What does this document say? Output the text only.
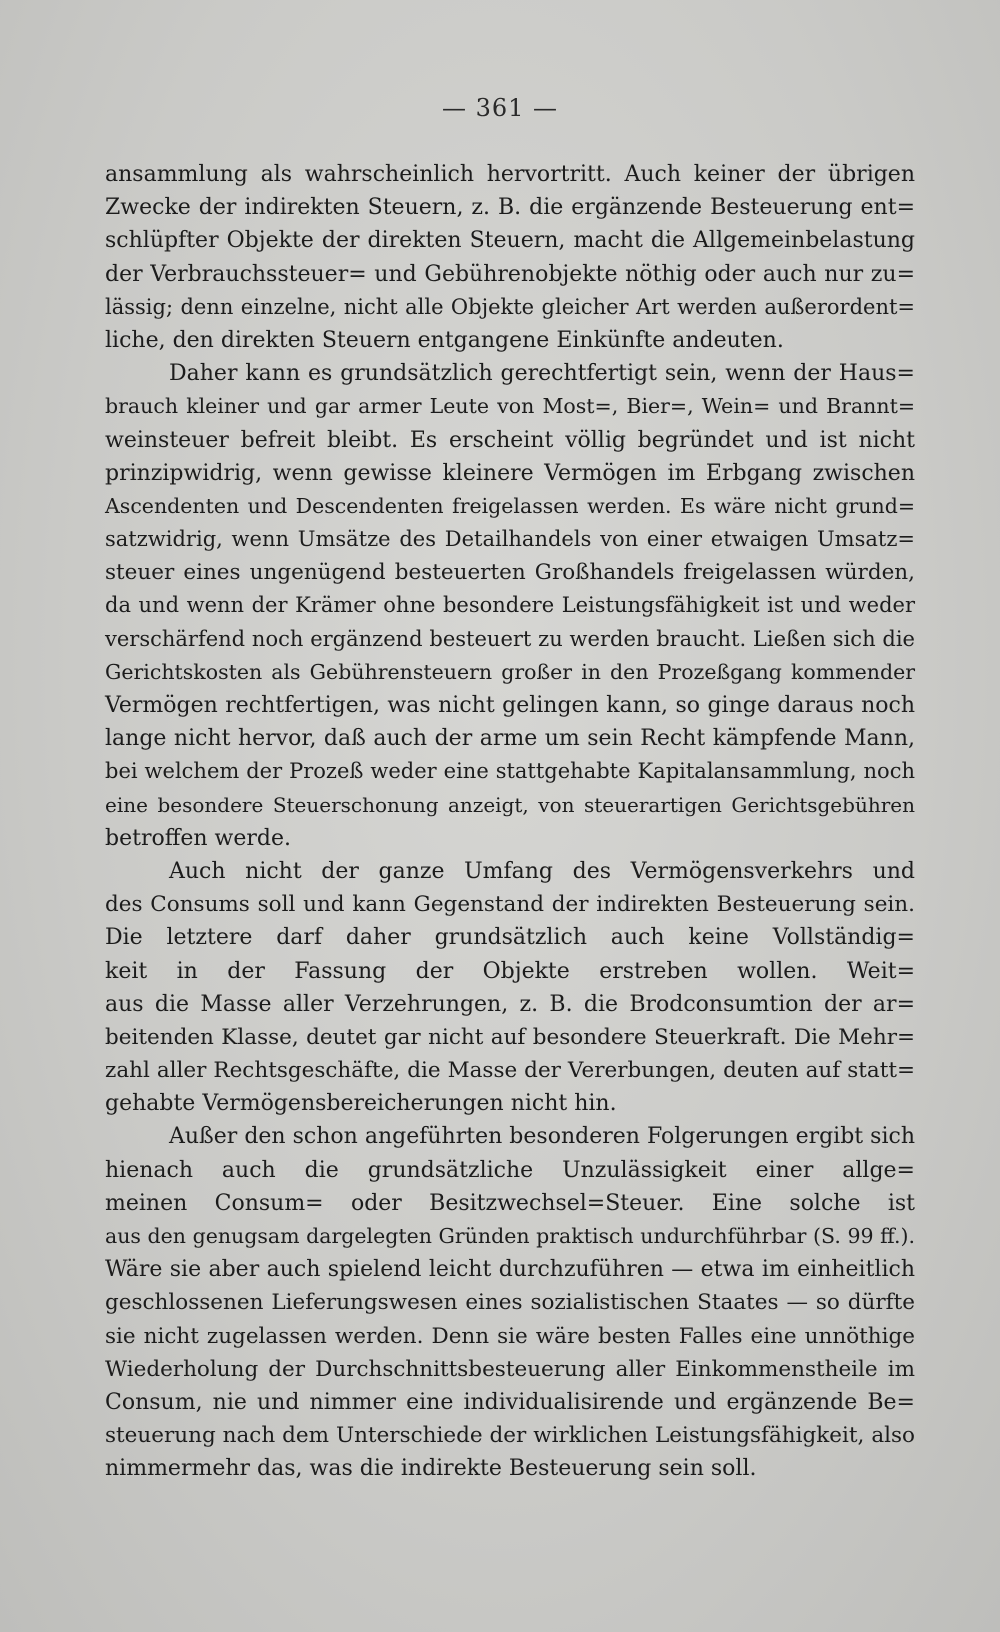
— 361 —
ansammlung als wahrscheinlich hervortritt. Auch keiner der übrigen
Zwecke der indirekten Steuern, z. B. die ergänzende Besteuerung ent=
schlüpfter Objekte der direkten Steuern, macht die Allgemeinbelastung
der Verbrauchssteuer= und Gebührenobjekte nöthig oder auch nur zu=
lässig; denn einzelne, nicht alle Objekte gleicher Art werden außerordent=
liche, den direkten Steuern entgangene Einkünfte andeuten.
Daher kann es grundsätzlich gerechtfertigt sein, wenn der Haus=
brauch kleiner und gar armer Leute von Most=, Bier=, Wein= und Brannt=
weinsteuer befreit bleibt. Es erscheint völlig begründet und ist nicht
prinzipwidrig, wenn gewisse kleinere Vermögen im Erbgang zwischen
Ascendenten und Descendenten freigelassen werden. Es wäre nicht grund=
satzwidrig, wenn Umsätze des Detailhandels von einer etwaigen Umsatz=
steuer eines ungenügend besteuerten Großhandels freigelassen würden,
da und wenn der Krämer ohne besondere Leistungsfähigkeit ist und weder
verschärfend noch ergänzend besteuert zu werden braucht. Ließen sich die
Gerichtskosten als Gebührensteuern großer in den Prozeßgang kommender
Vermögen rechtfertigen, was nicht gelingen kann, so ginge daraus noch
lange nicht hervor, daß auch der arme um sein Recht kämpfende Mann,
bei welchem der Prozeß weder eine stattgehabte Kapitalansammlung, noch
eine besondere Steuerschonung anzeigt, von steuerartigen Gerichtsgebühren
betroffen werde.
Auch nicht der ganze Umfang des Vermögensverkehrs und
des Consums soll und kann Gegenstand der indirekten Besteuerung sein.
Die letztere darf daher grundsätzlich auch keine Vollständig=
keit in der Fassung der Objekte erstreben wollen. Weit=
aus die Masse aller Verzehrungen, z. B. die Brodconsumtion der ar=
beitenden Klasse, deutet gar nicht auf besondere Steuerkraft. Die Mehr=
zahl aller Rechtsgeschäfte, die Masse der Vererbungen, deuten auf statt=
gehabte Vermögensbereicherungen nicht hin.
Außer den schon angeführten besonderen Folgerungen ergibt sich
hienach auch die grundsätzliche Unzulässigkeit einer allge=
meinen Consum= oder Besitzwechsel=Steuer. Eine solche ist
aus den genugsam dargelegten Gründen praktisch undurchführbar (S. 99 ff.).
Wäre sie aber auch spielend leicht durchzuführen — etwa im einheitlich
geschlossenen Lieferungswesen eines sozialistischen Staates — so dürfte
sie nicht zugelassen werden. Denn sie wäre besten Falles eine unnöthige
Wiederholung der Durchschnittsbesteuerung aller Einkommenstheile im
Consum, nie und nimmer eine individualisirende und ergänzende Be=
steuerung nach dem Unterschiede der wirklichen Leistungsfähigkeit, also
nimmermehr das, was die indirekte Besteuerung sein soll.
